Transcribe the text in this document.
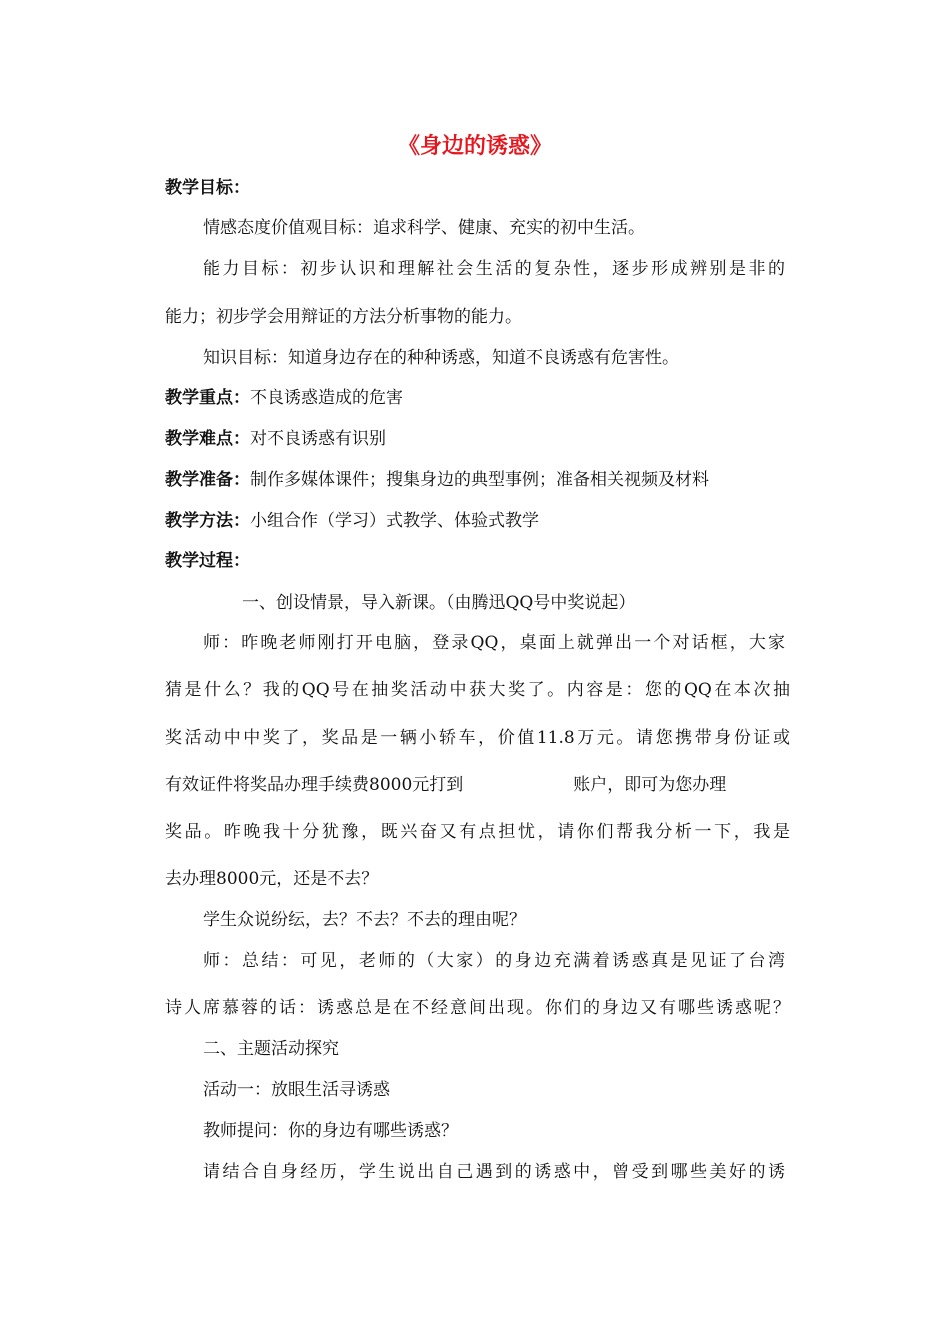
《身边的诱惑》
教学目标：
情感态度价值观目标：追求科学、健康、充实的初中生活。
能力目标：初步认识和理解社会生活的复杂性，逐步形成辨别是非的
能力；初步学会用辩证的方法分析事物的能力。
知识目标：知道身边存在的种种诱惑，知道不良诱惑有危害性。
教学重点：不良诱惑造成的危害
教学难点：对不良诱惑有识别
教学准备：制作多媒体课件；搜集身边的典型事例；准备相关视频及材料
教学方法：小组合作（学习）式教学、体验式教学
教学过程：
一、创设情景，导入新课。（由腾迅QQ号中奖说起）
师：昨晚老师刚打开电脑，登录QQ，桌面上就弹出一个对话框，大家
猜是什么？我的QQ号在抽奖活动中获大奖了。内容是：您的QQ在本次抽
奖活动中中奖了，奖品是一辆小轿车，价值11.8万元。请您携带身份证或
有效证件将奖品办理手续费8000元打到	账户，即可为您办理
奖品。昨晚我十分犹豫，既兴奋又有点担忧，请你们帮我分析一下，我是
去办理8000元，还是不去？
学生众说纷纭，去？不去？不去的理由呢？
师：总结：可见，老师的（大家）的身边充满着诱惑真是见证了台湾
诗人席慕蓉的话：诱惑总是在不经意间出现。你们的身边又有哪些诱惑呢？
二、主题活动探究
活动一：放眼生活寻诱惑
教师提问：你的身边有哪些诱惑？
请结合自身经历，学生说出自己遇到的诱惑中，曾受到哪些美好的诱
